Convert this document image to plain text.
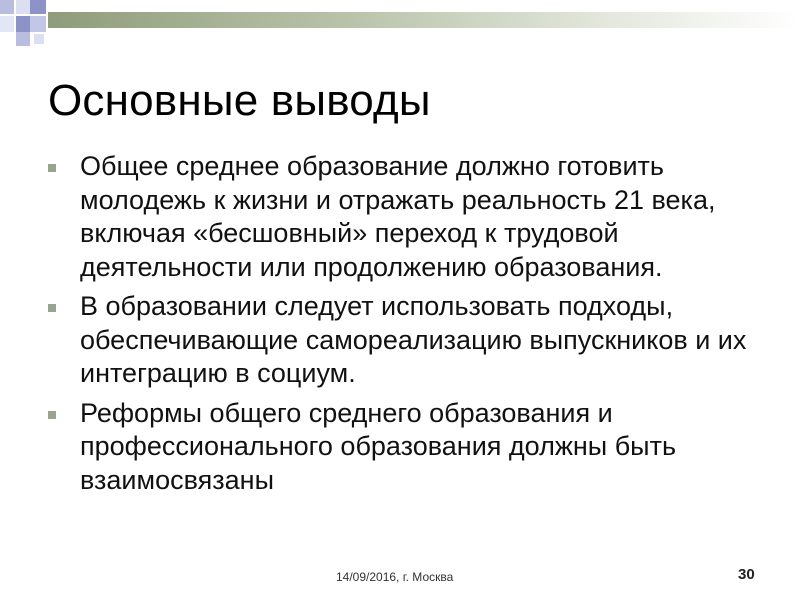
Основные выводы
Общее среднее образование должно готовить молодежь к жизни и отражать реальность 21 века, включая «бесшовный» переход к трудовой деятельности или продолжению образования.
В образовании следует использовать подходы, обеспечивающие самореализацию выпускников и их интеграцию в социум.
Реформы общего среднего образования и профессионального образования должны быть взаимосвязаны
14/09/2016, г. Москва	30
